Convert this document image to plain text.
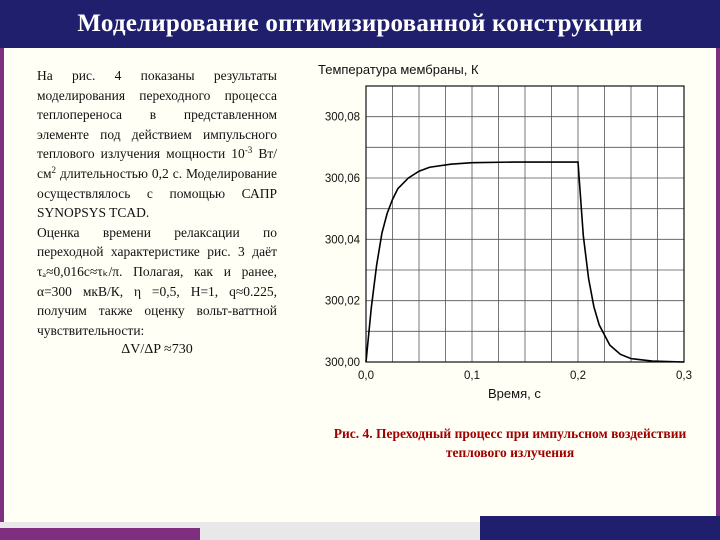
Моделирование оптимизированной конструкции

На рис. 4 показаны результаты моделирования переходного процесса теплопереноса в представленном элементе под действием импульсного теплового излучения мощности $10^{-3}$ $Вт/см^2$ длительностью 0,2 с. Моделирование осуществлялось с помощью САПР SYNOPSYS TCAD.

Оценка времени релаксации по переходной характеристике рис. 3 даёт τₐ≈0,016с≈τₖ/π. Полагая, как и ранее, α=300 мкВ/К, η =0,5, H=1, q≈0.225, получим также оценку вольт-ваттной чувствительности:

ΔV/ΔP ≈730

300,00
300,02
300,04
300,06
300,08
0,0	0,1	0,2	0,3
Температура мембраны, К
Время, с
Рис. 4. Переходный процесс при импульсном воздействии теплового излучения
